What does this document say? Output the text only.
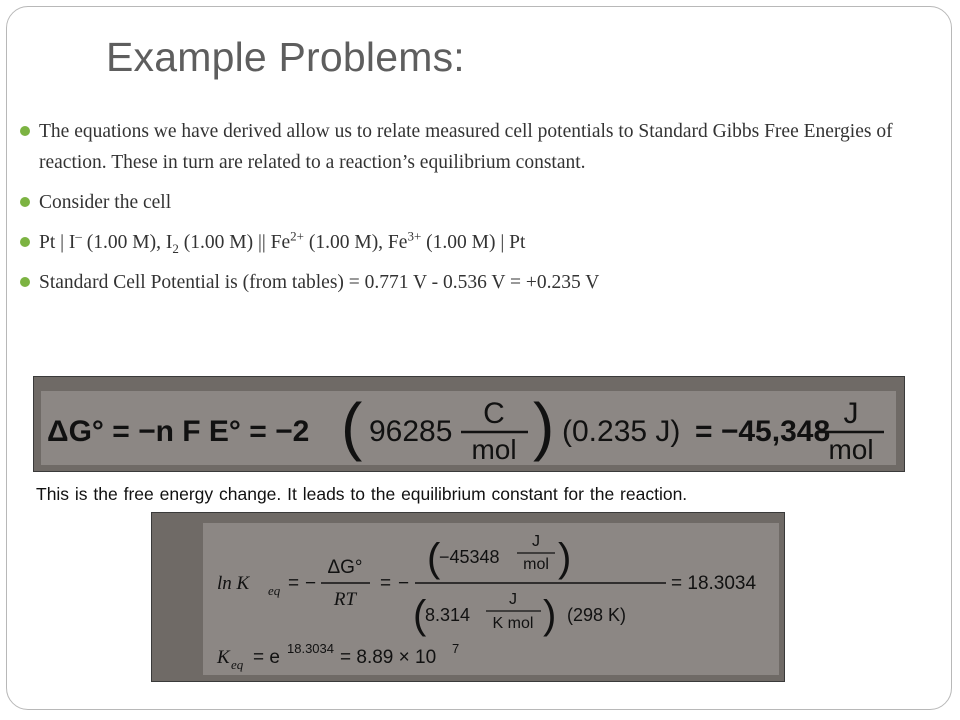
Example Problems:
The equations we have derived allow us to relate measured cell potentials to Standard Gibbs Free Energies of reaction. These in turn are related to a reaction’s equilibrium constant.
Consider the cell
Pt | I– (1.00 M), $I_2$ (1.00 M) || $Fe^{2+}$ (1.00 M), $Fe^{3+}$ (1.00 M) | Pt
Standard Cell Potential is (from tables) = 0.771 V - 0.536 V = +0.235 V
ΔG° = −n F E° = −2 ( 96285
C
mol ) (0.235 J) = −45,348
J
mol
This is the free energy change. It leads to the equilibrium constant for the reaction.
ln K eq = −
ΔG°
RT
= −
(
−45348
J
mol )
(
8.314
J
K mol ) (298 K)
= 18.3034
K eq = e 18.3034 = 8.89 × 10 7
